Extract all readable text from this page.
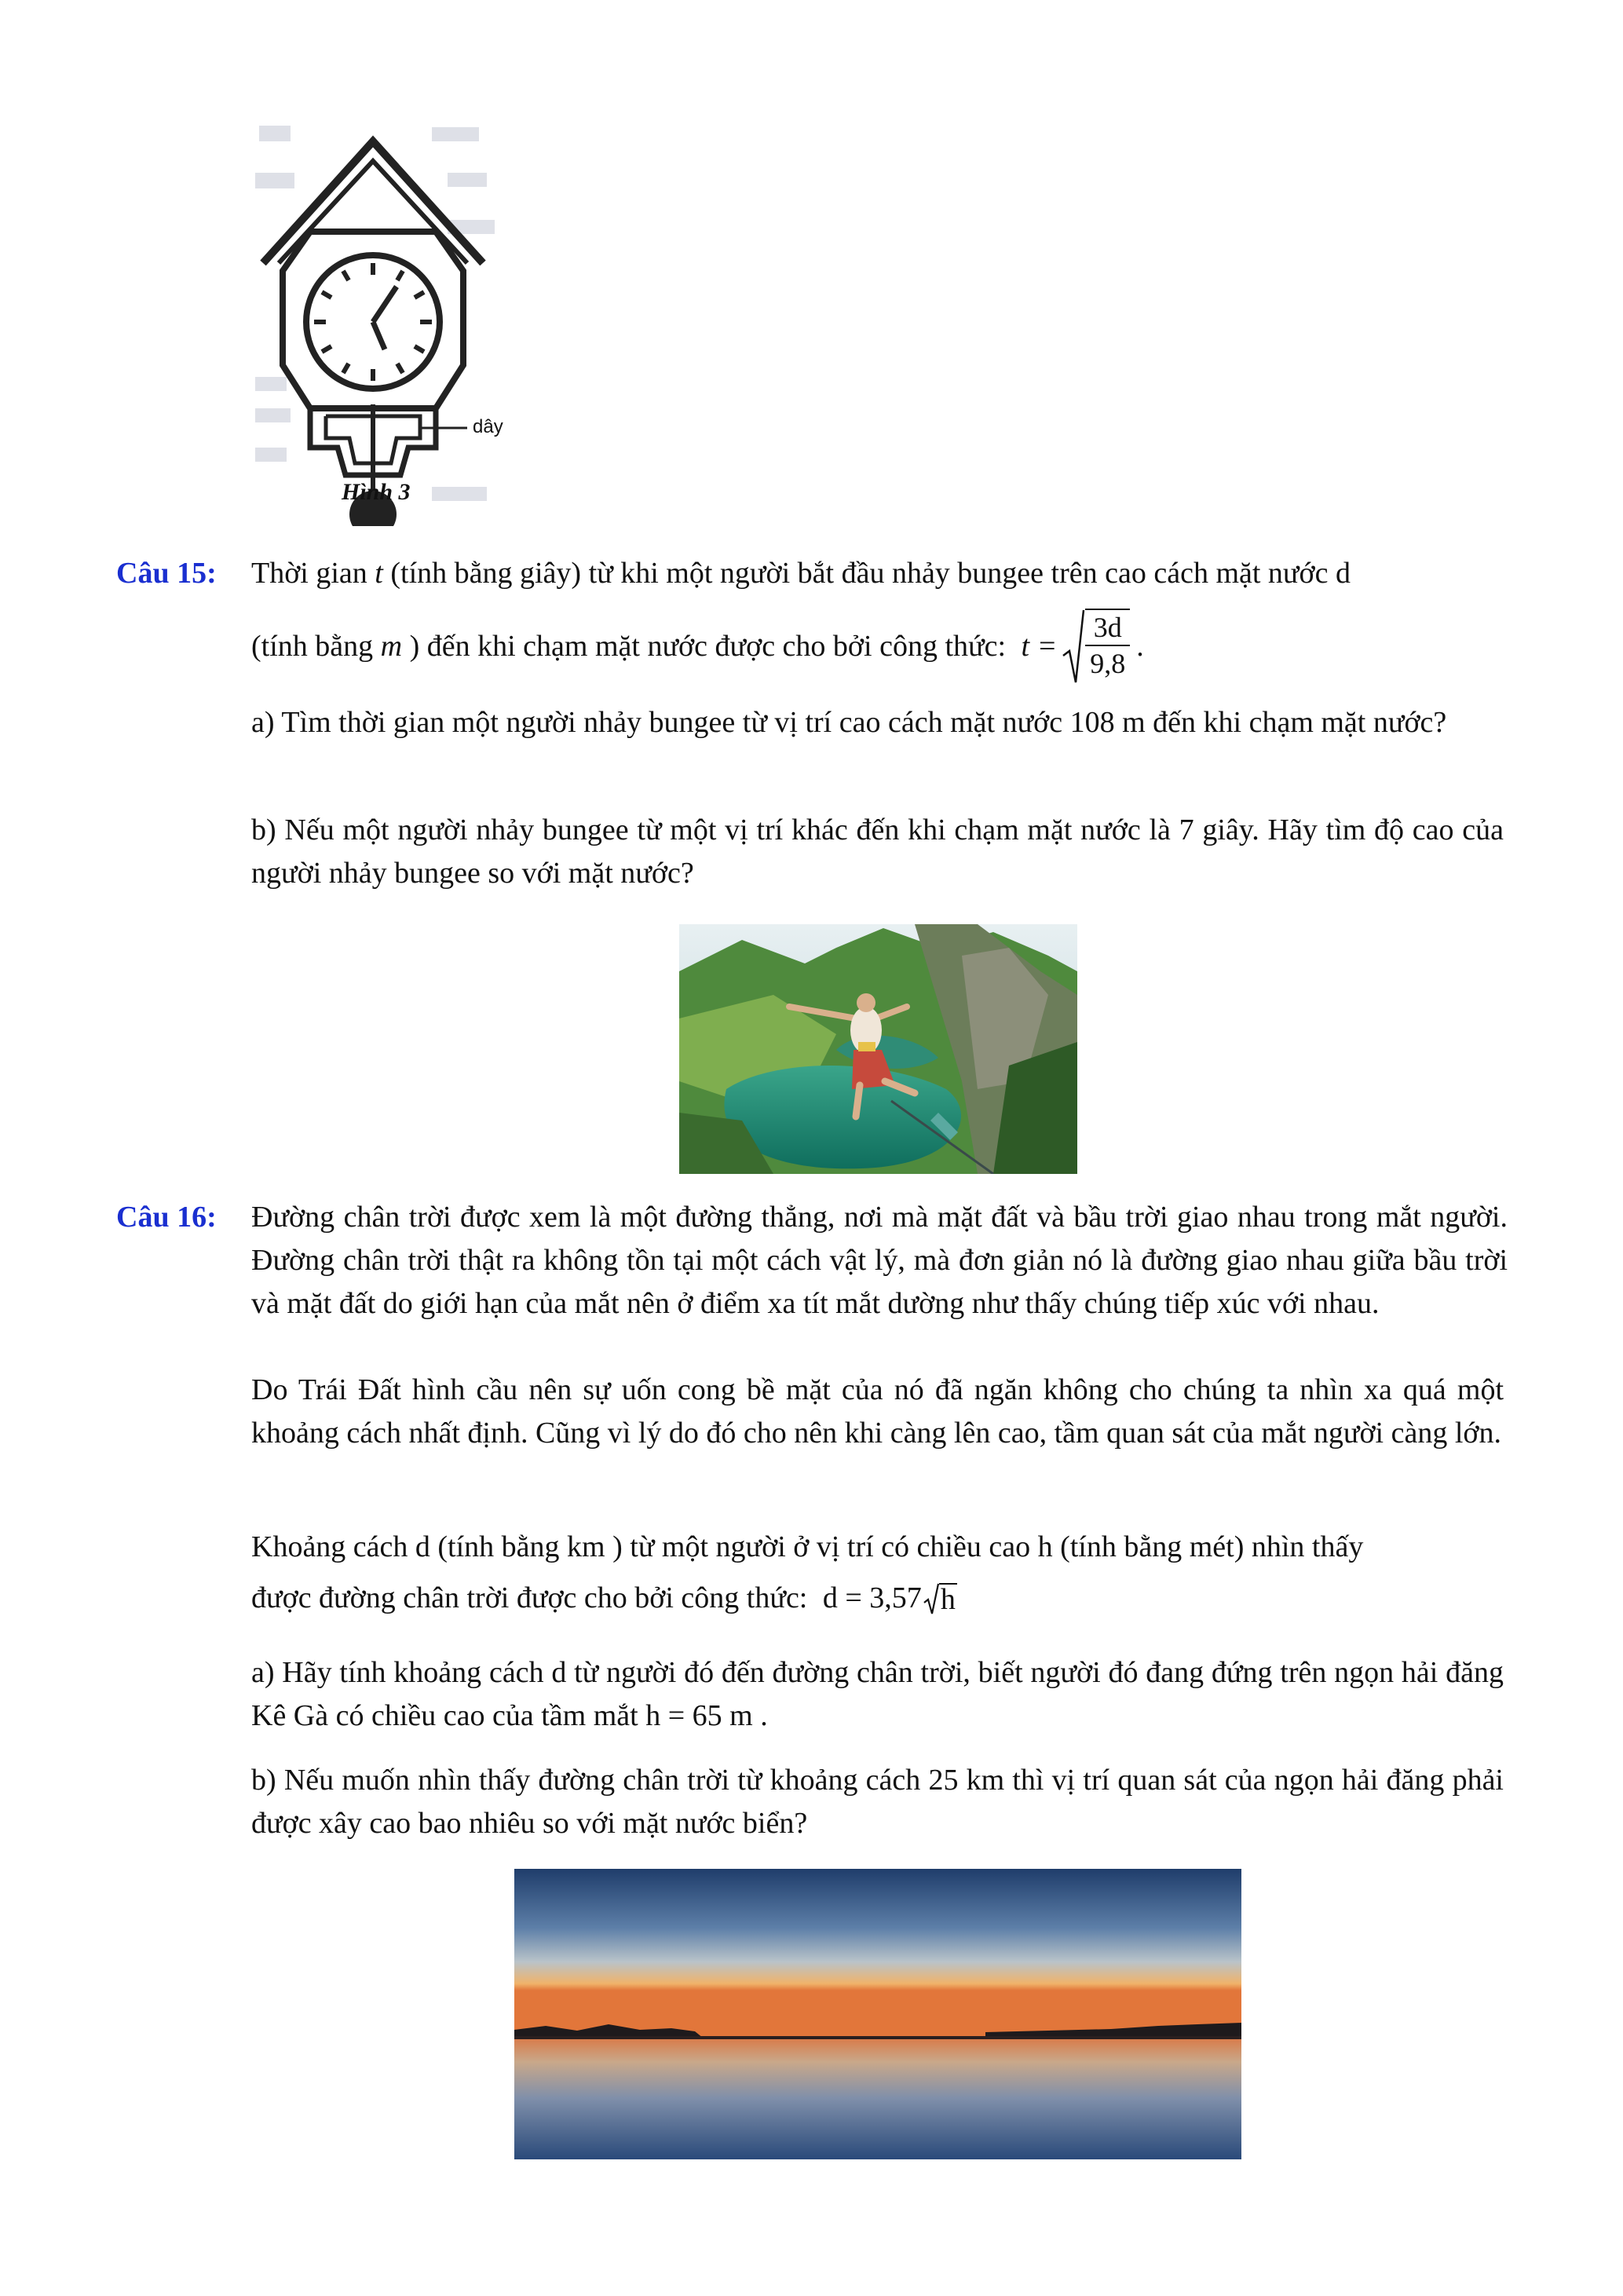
dây
Hình 3
Câu 15: Thời gian t (tính bằng giây) từ khi một người bắt đầu nhảy bungee trên cao cách mặt nước d
(tính bằng m ) đến khi chạm mặt nước được cho bởi công thức: $t = \frac{3d}{9,8}$ .
a) Tìm thời gian một người nhảy bungee từ vị trí cao cách mặt nước 108 m đến khi chạm mặt nước?
b) Nếu một người nhảy bungee từ một vị trí khác đến khi chạm mặt nước là 7 giây. Hãy tìm độ cao của người nhảy bungee so với mặt nước?
Câu 16: Đường chân trời được xem là một đường thẳng, nơi mà mặt đất và bầu trời giao nhau trong mắt người. Đường chân trời thật ra không tồn tại một cách vật lý, mà đơn giản nó là đường giao nhau giữa bầu trời và mặt đất do giới hạn của mắt nên ở điểm xa tít mắt dường như thấy chúng tiếp xúc với nhau.
Do Trái Đất hình cầu nên sự uốn cong bề mặt của nó đã ngăn không cho chúng ta nhìn xa quá một khoảng cách nhất định. Cũng vì lý do đó cho nên khi càng lên cao, tầm quan sát của mắt người càng lớn.
Khoảng cách d (tính bằng km ) từ một người ở vị trí có chiều cao h (tính bằng mét) nhìn thấy
được đường chân trời được cho bởi công thức: d = 3,57 h
a) Hãy tính khoảng cách d từ người đó đến đường chân trời, biết người đó đang đứng trên ngọn hải đăng Kê Gà có chiều cao của tầm mắt h = 65 m .
b) Nếu muốn nhìn thấy đường chân trời từ khoảng cách 25 km thì vị trí quan sát của ngọn hải đăng phải được xây cao bao nhiêu so với mặt nước biển?
